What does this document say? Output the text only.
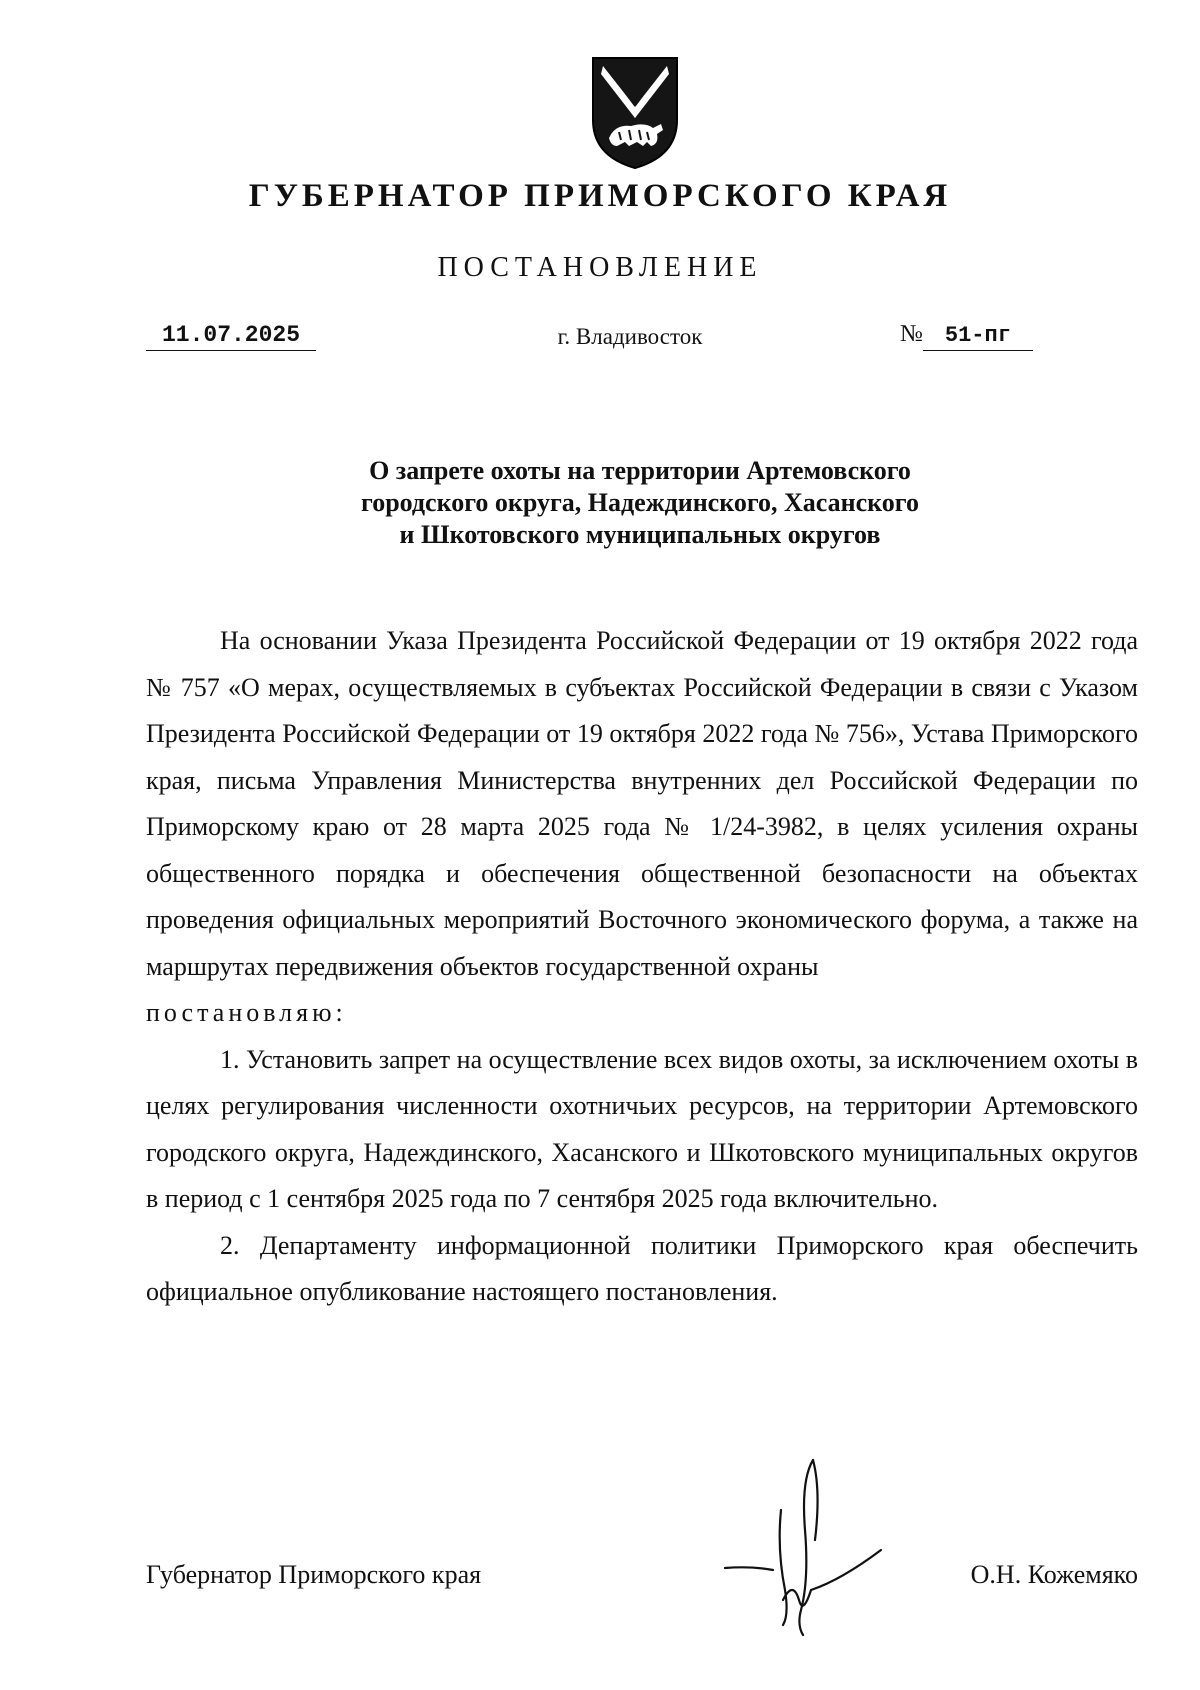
ГУБЕРНАТОР ПРИМОРСКОГО КРАЯ
ПОСТАНОВЛЕНИЕ
11.07.2025	г. Владивосток	№ 51-пг
О запрете охоты на территории Артемовского
городского округа, Надеждинского, Хасанского
и Шкотовского муниципальных округов

На основании Указа Президента Российской Федерации от 19 октября 2022 года № 757 «О мерах, осуществляемых в субъектах Российской Федерации в связи с Указом Президента Российской Федерации от 19 октября 2022 года № 756», Устава Приморского края, письма Управления Министерства внутренних дел Российской Федерации по Приморскому краю от 28 марта 2025 года № 1/24-3982, в целях усиления охраны общественного порядка и обеспечения общественной безопасности на объектах проведения официальных мероприятий Восточного экономического форума, а также на маршрутах передвижения объектов государственной охраны

постановляю:

1. Установить запрет на осуществление всех видов охоты, за исключением охоты в целях регулирования численности охотничьих ресурсов, на территории Артемовского городского округа, Надеждинского, Хасанского и Шкотовского муниципальных округов в период с 1 сентября 2025 года по 7 сентября 2025 года включительно.

2. Департаменту информационной политики Приморского края обеспечить официальное опубликование настоящего постановления.

Губернатор Приморского края	О.Н. Кожемяко
